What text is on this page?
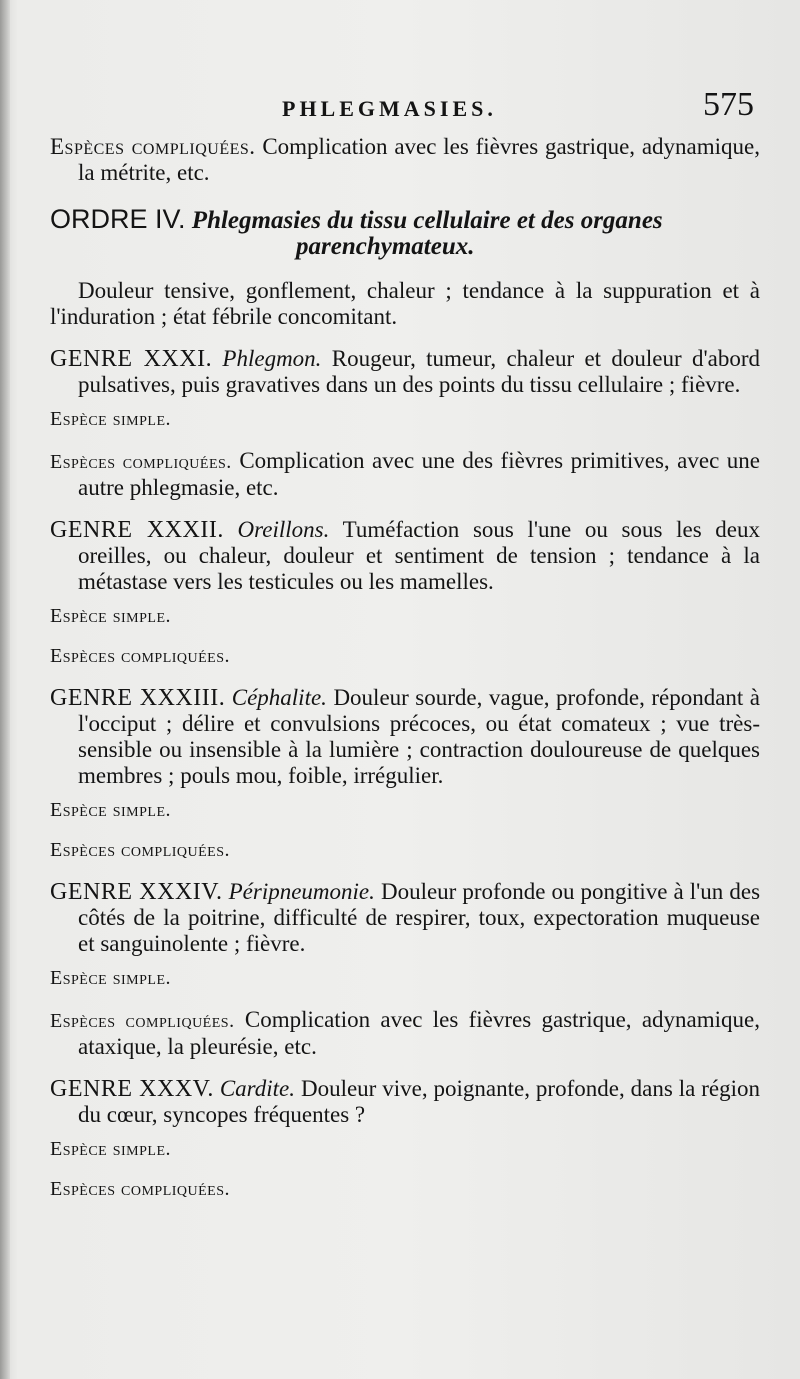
PHLEGMASIES.	575

Espèces compliquées. Complication avec les fièvres gastrique, adynamique, la métrite, etc.

ORDRE IV. Phlegmasies du tissu cellulaire et des organes parenchymateux.

Douleur tensive, gonflement, chaleur ; tendance à la suppuration et à l'induration ; état fébrile concomitant.

GENRE XXXI. Phlegmon. Rougeur, tumeur, chaleur et douleur d'abord pulsatives, puis gravatives dans un des points du tissu cellulaire ; fièvre.

Espèce simple.

Espèces compliquées. Complication avec une des fièvres primitives, avec une autre phlegmasie, etc.

GENRE XXXII. Oreillons. Tuméfaction sous l'une ou sous les deux oreilles, ou chaleur, douleur et sentiment de tension ; tendance à la métastase vers les testicules ou les mamelles.

Espèce simple.

Espèces compliquées.

GENRE XXXIII. Céphalite. Douleur sourde, vague, profonde, répondant à l'occiput ; délire et convulsions précoces, ou état comateux ; vue très-sensible ou insensible à la lumière ; contraction douloureuse de quelques membres ; pouls mou, foible, irrégulier.

Espèce simple.

Espèces compliquées.

GENRE XXXIV. Péripneumonie. Douleur profonde ou pongitive à l'un des côtés de la poitrine, difficulté de respirer, toux, expectoration muqueuse et sanguinolente ; fièvre.

Espèce simple.

Espèces compliquées. Complication avec les fièvres gastrique, adynamique, ataxique, la pleurésie, etc.

GENRE XXXV. Cardite. Douleur vive, poignante, profonde, dans la région du cœur, syncopes fréquentes ?

Espèce simple.

Espèces compliquées.
